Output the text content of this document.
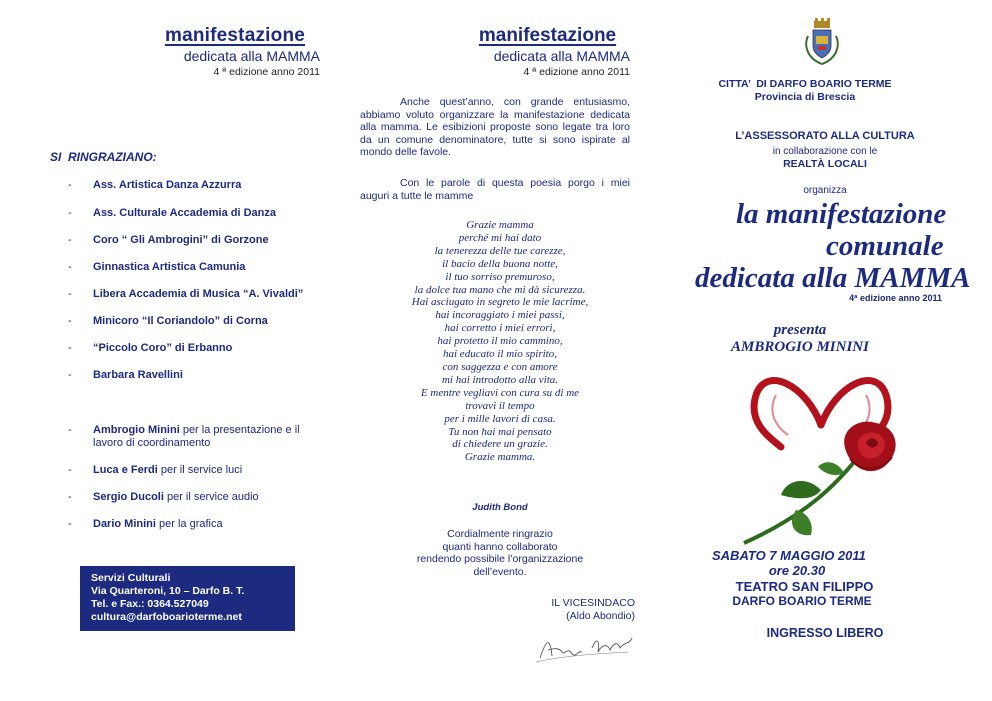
manifestazione
dedicata alla MAMMA
4 ª edizione anno 2011
SI  RINGRAZIANO:
- Ass. Artistica Danza Azzurra
- Ass. Culturale Accademia di Danza
- Coro “ Gli Ambrogini” di Gorzone
- Ginnastica Artistica Camunia
- Libera Accademia di Musica “A. Vivaldi”
- Minicoro “Il Coriandolo” di Corna
- “Piccolo Coro” di Erbanno
- Barbara Ravellini
- Ambrogio Minini per la presentazione e il lavoro di coordinamento
- Luca e Ferdi per il service luci
- Sergio Ducoli per il service audio
- Dario Minini per la grafica
Servizi Culturali
Via Quarteroni, 10 – Darfo B. T.
Tel. e Fax.: 0364.527049
cultura@darfoboarioterme.net
manifestazione
dedicata alla MAMMA
4 ª edizione anno 2011
Anche quest’anno, con grande entusiasmo, abbiamo voluto organizzare la manifestazione dedicata alla mamma. Le esibizioni proposte sono legate tra loro da un comune denominatore, tutte si sono ispirate al mondo delle favole.
Con le parole di questa poesia porgo i miei auguri a tutte le mamme
Grazie mamma
perché mi hai dato
la tenerezza delle tue carezze,
il bacio della buona notte,
il tuo sorriso premuroso,
la dolce tua mano che mi dà sicurezza.
Hai asciugato in segreto le mie lacrime,
hai incoraggiato i miei passi,
hai corretto i miei errori,
hai protetto il mio cammino,
hai educato il mio spirito,
con saggezza e con amore
mi hai introdotto alla vita.
E mentre vegliavi con cura su di me
trovavi il tempo
per i mille lavori di casa.
Tu non hai mai pensato
di chiedere un grazie.
Grazie mamma.
Judith Bond
Cordialmente ringrazio
quanti hanno collaborato
rendendo possibile l’organizzazione
dell’evento.
IL VICESINDACO
(Aldo Abondio)
CITTA’  DI DARFO BOARIO TERME
Provincia di Brescia
L’ASSESSORATO ALLA CULTURA
in collaborazione con le
REALTÀ LOCALI
organizza
la manifestazione
comunale
dedicata alla MAMMA
4ª edizione anno 2011
presenta
AMBROGIO MININI
SABATO 7 MAGGIO 2011
ore 20.30
TEATRO SAN FILIPPO
DARFO BOARIO TERME
INGRESSO LIBERO
